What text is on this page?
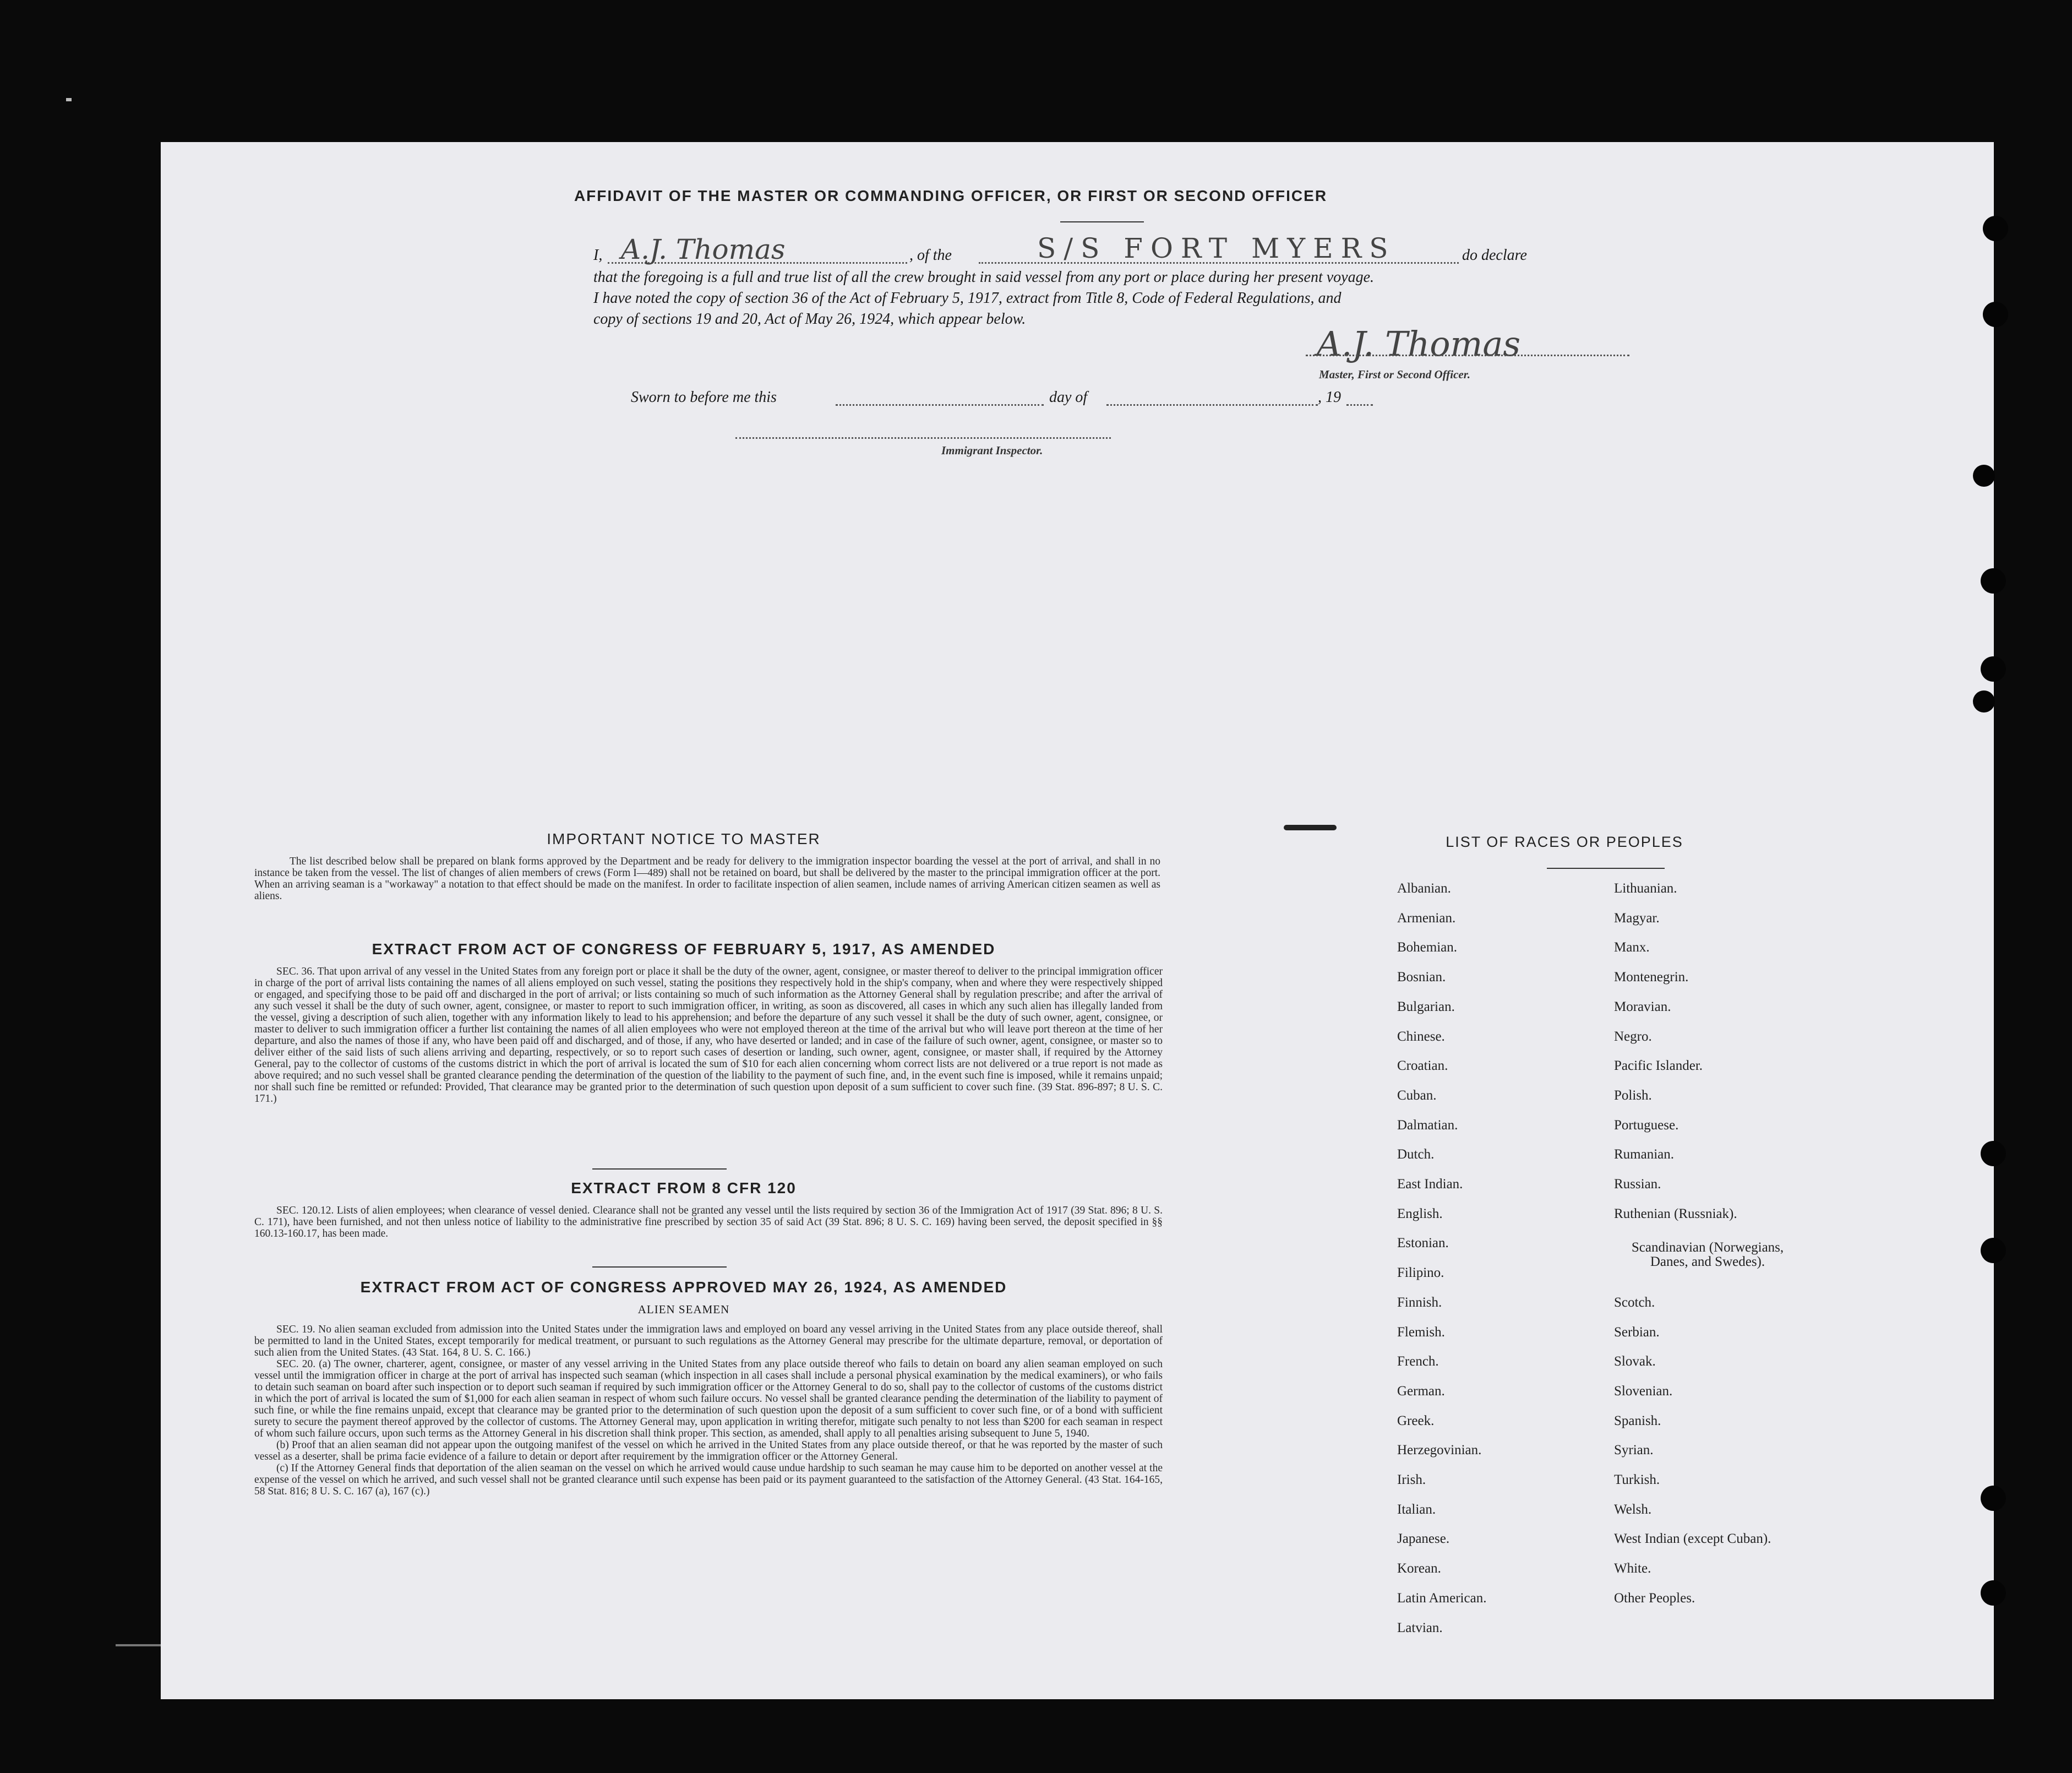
AFFIDAVIT OF THE MASTER OR COMMANDING OFFICER, OR FIRST OR SECOND OFFICER
I, A.J. Thomas	, of the	S/S FORT MYERS	do declare
that the foregoing is a full and true list of all the crew brought in said vessel from any port or place during her present voyage.
I have noted the copy of section 36 of the Act of February 5, 1917, extract from Title 8, Code of Federal Regulations, and
copy of sections 19 and 20, Act of May 26, 1924, which appear below.
A.J. Thomas
Master, First or Second Officer.
Sworn to before me this	day of	, 19
Immigrant Inspector.
IMPORTANT NOTICE TO MASTER
The list described below shall be prepared on blank forms approved by the Department and be ready for delivery to the immigration inspector boarding the vessel at the port of arrival, and shall in no instance be taken from the vessel. The list of changes of alien members of crews (Form I—489) shall not be retained on board, but shall be delivered by the master to the principal immigration officer at the port. When an arriving seaman is a "workaway" a notation to that effect should be made on the manifest. In order to facilitate inspection of alien seamen, include names of arriving American citizen seamen as well as aliens.
EXTRACT FROM ACT OF CONGRESS OF FEBRUARY 5, 1917, AS AMENDED
SEC. 36. That upon arrival of any vessel in the United States from any foreign port or place it shall be the duty of the owner, agent, consignee, or master thereof to deliver to the principal immigration officer in charge of the port of arrival lists containing the names of all aliens employed on such vessel, stating the positions they respectively hold in the ship's company, when and where they were respectively shipped or engaged, and specifying those to be paid off and discharged in the port of arrival; or lists containing so much of such information as the Attorney General shall by regulation prescribe; and after the arrival of any such vessel it shall be the duty of such owner, agent, consignee, or master to report to such immigration officer, in writing, as soon as discovered, all cases in which any such alien has illegally landed from the vessel, giving a description of such alien, together with any information likely to lead to his apprehension; and before the departure of any such vessel it shall be the duty of such owner, agent, consignee, or master to deliver to such immigration officer a further list containing the names of all alien employees who were not employed thereon at the time of the arrival but who will leave port thereon at the time of her departure, and also the names of those if any, who have been paid off and discharged, and of those, if any, who have deserted or landed; and in case of the failure of such owner, agent, consignee, or master so to deliver either of the said lists of such aliens arriving and departing, respectively, or so to report such cases of desertion or landing, such owner, agent, consignee, or master shall, if required by the Attorney General, pay to the collector of customs of the customs district in which the port of arrival is located the sum of $10 for each alien concerning whom correct lists are not delivered or a true report is not made as above required; and no such vessel shall be granted clearance pending the determination of the question of the liability to the payment of such fine, and, in the event such fine is imposed, while it remains unpaid; nor shall such fine be remitted or refunded: Provided, That clearance may be granted prior to the determination of such question upon deposit of a sum sufficient to cover such fine. (39 Stat. 896-897; 8 U. S. C. 171.)
EXTRACT FROM 8 CFR 120
SEC. 120.12. Lists of alien employees; when clearance of vessel denied. Clearance shall not be granted any vessel until the lists required by section 36 of the Immigration Act of 1917 (39 Stat. 896; 8 U. S. C. 171), have been furnished, and not then unless notice of liability to the administrative fine prescribed by section 35 of said Act (39 Stat. 896; 8 U. S. C. 169) having been served, the deposit specified in §§ 160.13-160.17, has been made.
EXTRACT FROM ACT OF CONGRESS APPROVED MAY 26, 1924, AS AMENDED
ALIEN SEAMEN
SEC. 19. No alien seaman excluded from admission into the United States under the immigration laws and employed on board any vessel arriving in the United States from any place outside thereof, shall be permitted to land in the United States, except temporarily for medical treatment, or pursuant to such regulations as the Attorney General may prescribe for the ultimate departure, removal, or deportation of such alien from the United States. (43 Stat. 164, 8 U. S. C. 166.)
SEC. 20. (a) The owner, charterer, agent, consignee, or master of any vessel arriving in the United States from any place outside thereof who fails to detain on board any alien seaman employed on such vessel until the immigration officer in charge at the port of arrival has inspected such seaman (which inspection in all cases shall include a personal physical examination by the medical examiners), or who fails to detain such seaman on board after such inspection or to deport such seaman if required by such immigration officer or the Attorney General to do so, shall pay to the collector of customs of the customs district in which the port of arrival is located the sum of $1,000 for each alien seaman in respect of whom such failure occurs. No vessel shall be granted clearance pending the determination of the liability to payment of such fine, or while the fine remains unpaid, except that clearance may be granted prior to the determination of such question upon the deposit of a sum sufficient to cover such fine, or of a bond with sufficient surety to secure the payment thereof approved by the collector of customs. The Attorney General may, upon application in writing therefor, mitigate such penalty to not less than $200 for each seaman in respect of whom such failure occurs, upon such terms as the Attorney General in his discretion shall think proper. This section, as amended, shall apply to all penalties arising subsequent to June 5, 1940.
(b) Proof that an alien seaman did not appear upon the outgoing manifest of the vessel on which he arrived in the United States from any place outside thereof, or that he was reported by the master of such vessel as a deserter, shall be prima facie evidence of a failure to detain or deport after requirement by the immigration officer or the Attorney General.
(c) If the Attorney General finds that deportation of the alien seaman on the vessel on which he arrived would cause undue hardship to such seaman he may cause him to be deported on another vessel at the expense of the vessel on which he arrived, and such vessel shall not be granted clearance until such expense has been paid or its payment guaranteed to the satisfaction of the Attorney General. (43 Stat. 164-165, 58 Stat. 816; 8 U. S. C. 167 (a), 167 (c).)
LIST OF RACES OR PEOPLES
Albanian.
Armenian.
Bohemian.
Bosnian.
Bulgarian.
Chinese.
Croatian.
Cuban.
Dalmatian.
Dutch.
East Indian.
English.
Estonian.
Filipino.
Finnish.
Flemish.
French.
German.
Greek.
Herzegovinian.
Irish.
Italian.
Japanese.
Korean.
Latin American.
Latvian.
Lithuanian.
Magyar.
Manx.
Montenegrin.
Moravian.
Negro.
Pacific Islander.
Polish.
Portuguese.
Rumanian.
Russian.
Ruthenian (Russniak).
Scandinavian (Norwegians, Danes, and Swedes).
Scotch.
Serbian.
Slovak.
Slovenian.
Spanish.
Syrian.
Turkish.
Welsh.
West Indian (except Cuban).
White.
Other Peoples.
